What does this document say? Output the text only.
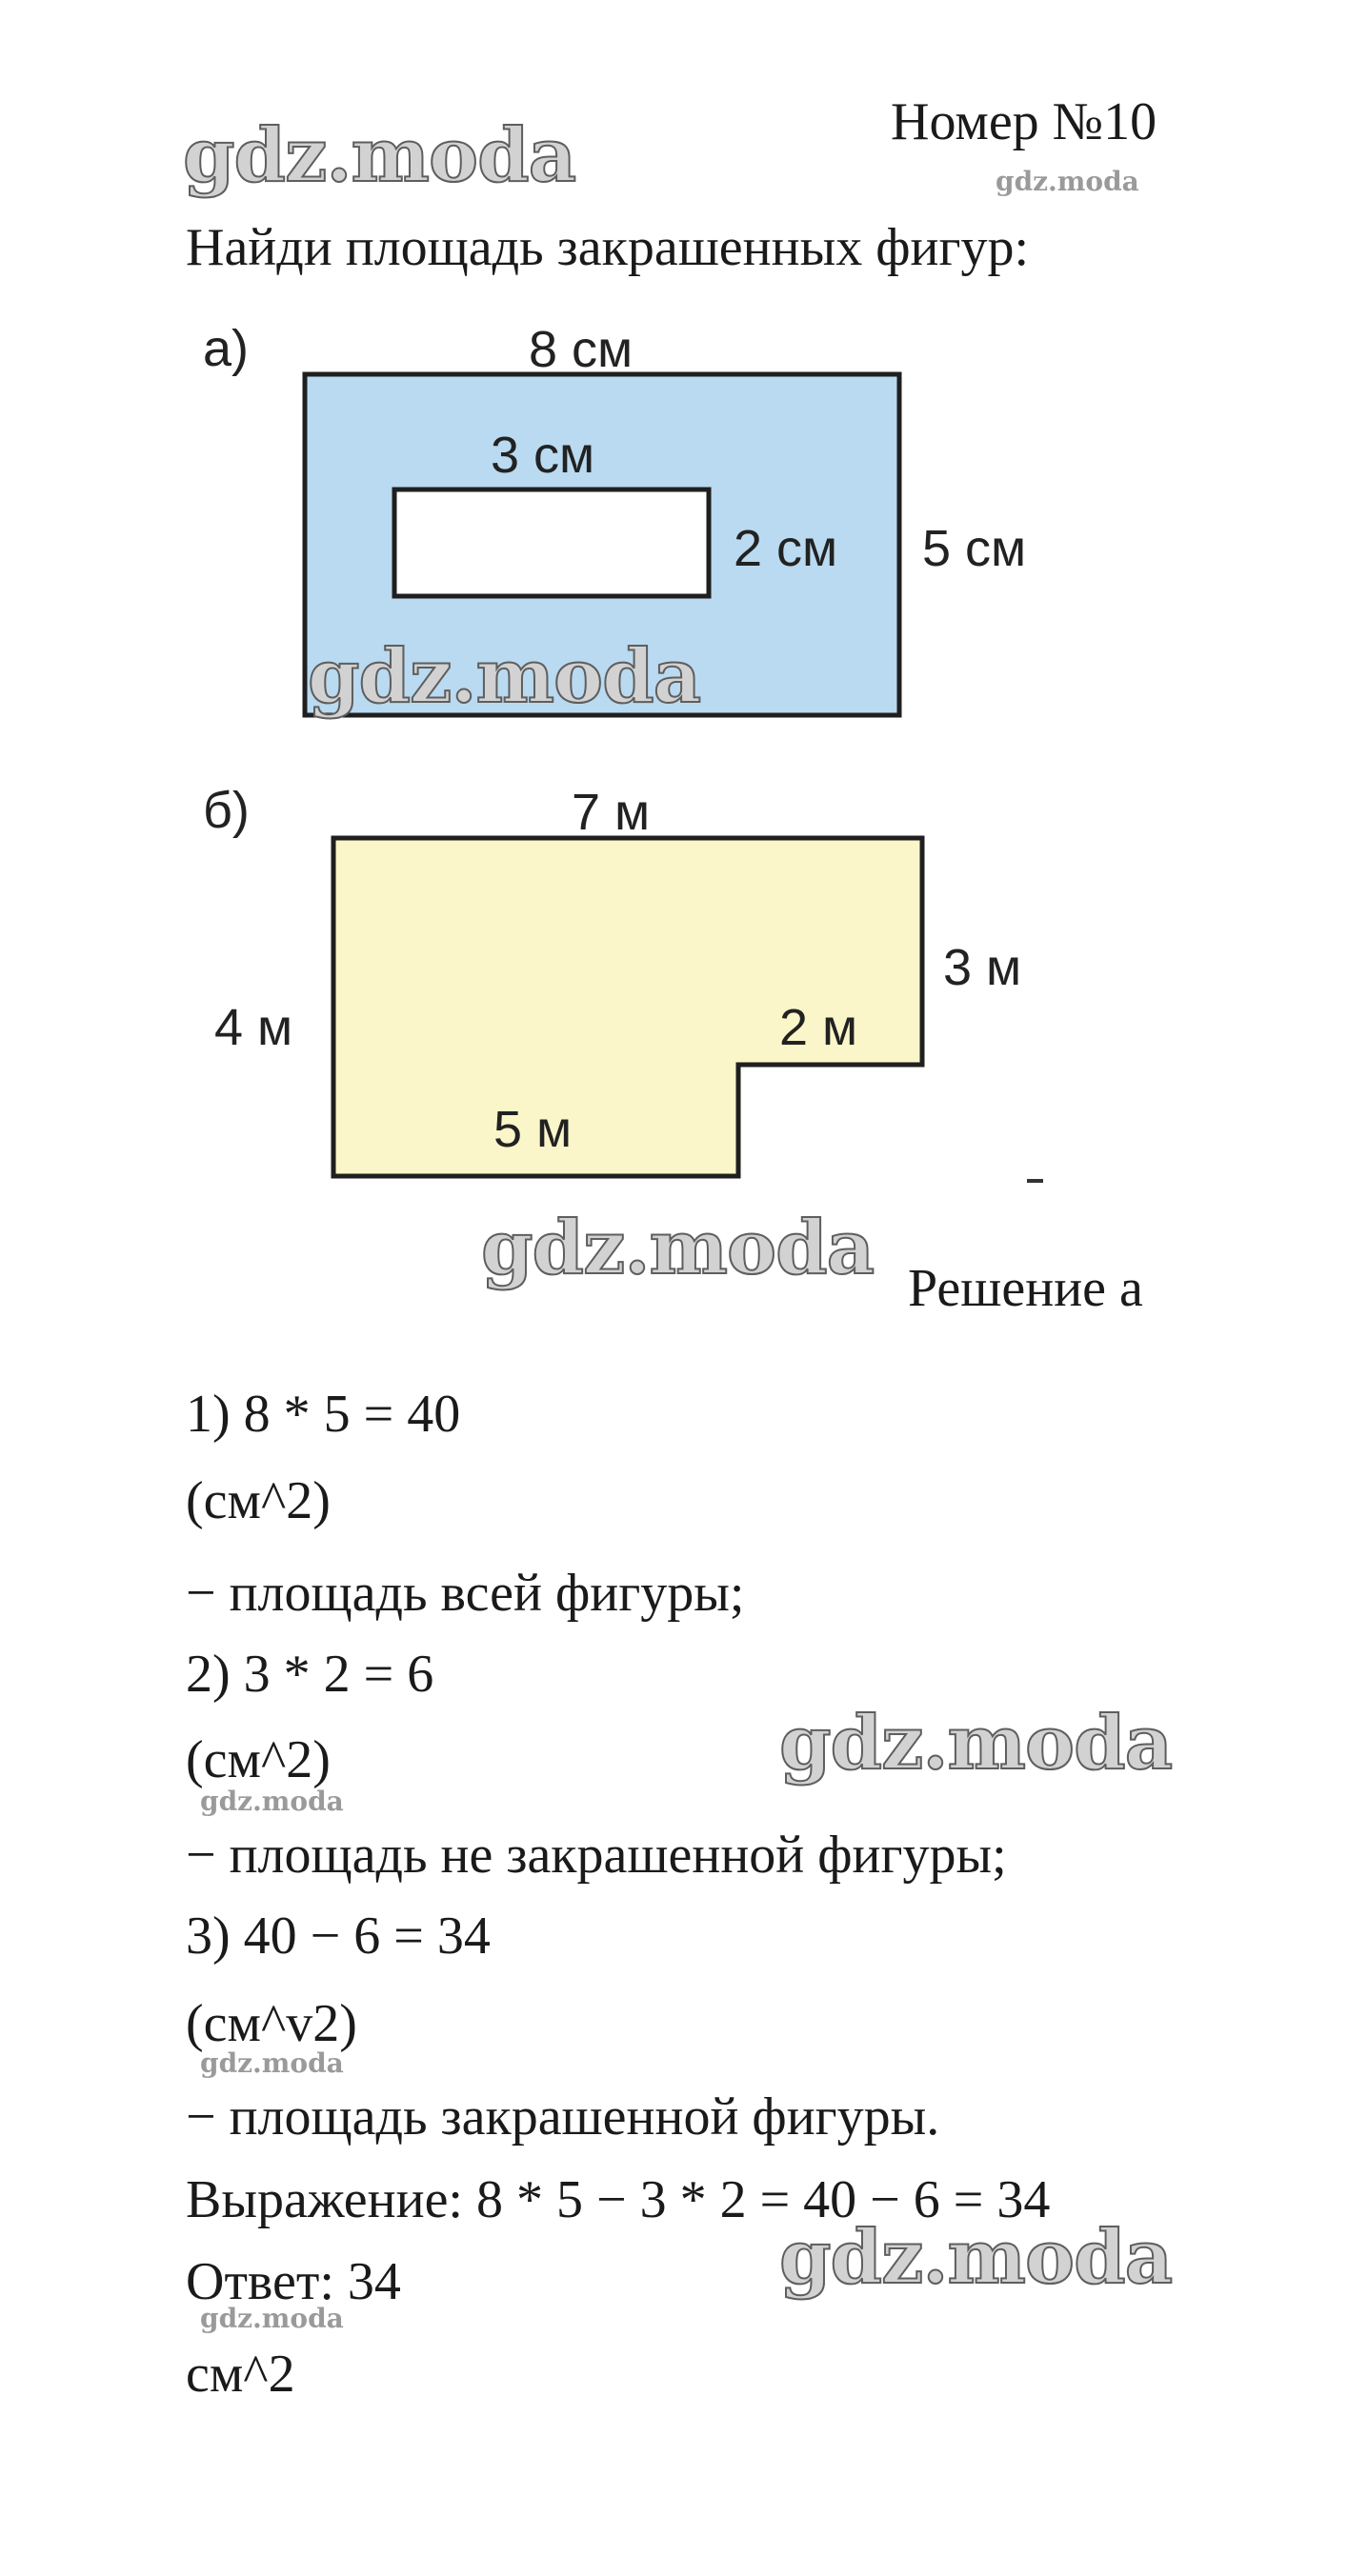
gdz.moda	Номер №10
gdz.moda
Найди площадь закрашенных фигур:
а)	8 см
3 см
2 см 5 см
gdz.moda
б)	7 м
3 м
4 м	2 м
5 м
gdz.moda Решение а
1) 8 * 5 = 40
(см^2)
− площадь всей фигуры;
2) 3 * 2 = 6
(см^2)	gdz.moda
gdz.moda
− площадь не закрашенной фигуры;
3) 40 − 6 = 34
(см^v2)
gdz.moda
− площадь закрашенной фигуры.
Выражение: 8 * 5 − 3 * 2 = 40 − 6 = 34
gdz.moda
Ответ: 34
gdz.moda
см^2
